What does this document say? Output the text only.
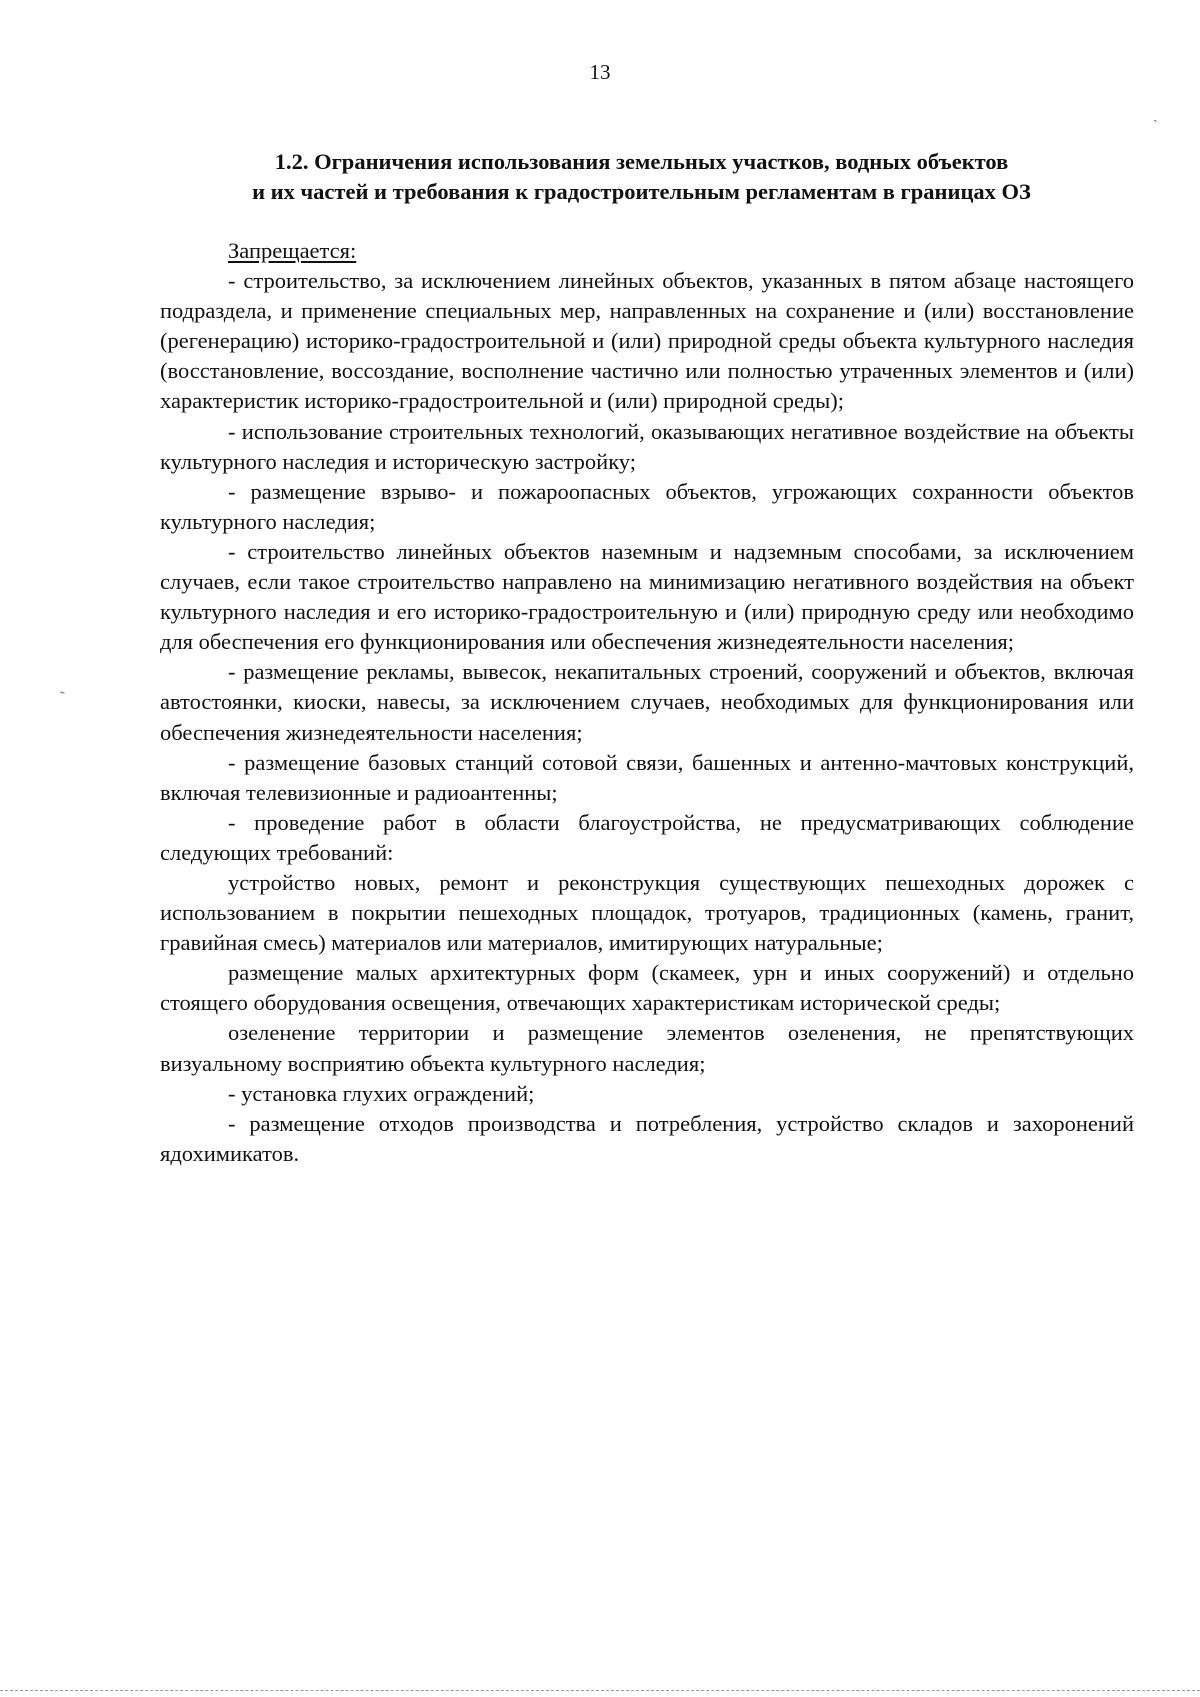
13
1.2. Ограничения использования земельных участков, водных объектов
и их частей и требования к градостроительным регламентам в границах ОЗ
Запрещается:

- строительство, за исключением линейных объектов, указанных в пятом абзаце настоящего подраздела, и применение специальных мер, направленных на сохранение и (или) восстановление (регенерацию) историко-градостроительной и (или) природной среды объекта культурного наследия (восстановление, воссоздание, восполнение частично или полностью утраченных элементов и (или) характеристик историко-градостроительной и (или) природной среды);

- использование строительных технологий, оказывающих негативное воздействие на объекты культурного наследия и историческую застройку;

- размещение взрыво- и пожароопасных объектов, угрожающих сохранности объектов культурного наследия;

- строительство линейных объектов наземным и надземным способами, за исключением случаев, если такое строительство направлено на минимизацию негативного воздействия на объект культурного наследия и его историко-градостроительную и (или) природную среду или необходимо для обеспечения его функционирования или обеспечения жизнедеятельности населения;

- размещение рекламы, вывесок, некапитальных строений, сооружений и объектов, включая автостоянки, киоски, навесы, за исключением случаев, необходимых для функционирования или обеспечения жизнедеятельности населения;

- размещение базовых станций сотовой связи, башенных и антенно-мачтовых конструкций, включая телевизионные и радиоантенны;

- проведение работ в области благоустройства, не предусматривающих соблюдение следующих требований:

устройство новых, ремонт и реконструкция существующих пешеходных дорожек с использованием в покрытии пешеходных площадок, тротуаров, традиционных (камень, гранит, гравийная смесь) материалов или материалов, имитирующих натуральные;

размещение малых архитектурных форм (скамеек, урн и иных сооружений) и отдельно стоящего оборудования освещения, отвечающих характеристикам исторической среды;

озеленение территории и размещение элементов озеленения, не препятствующих визуальному восприятию объекта культурного наследия;

- установка глухих ограждений;

- размещение отходов производства и потребления, устройство складов и захоронений ядохимикатов.

ˏ
˜
